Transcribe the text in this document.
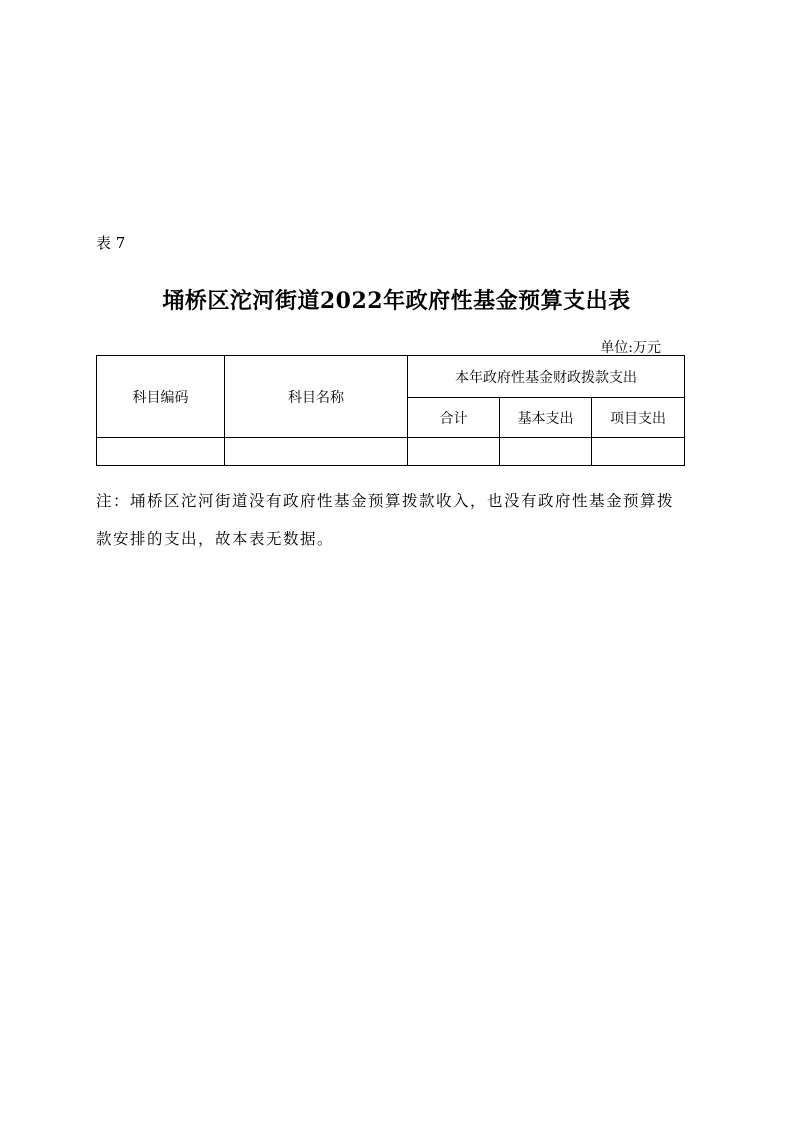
表 7
埇桥区沱河街道2022年政府性基金预算支出表
单位:万元
科目编码	科目名称	本年政府性基金财政拨款支出		
		合计	基本支出	项目支出

注：埇桥区沱河街道没有政府性基金预算拨款收入，也没有政府性基金预算拨款安排的支出，故本表无数据。
